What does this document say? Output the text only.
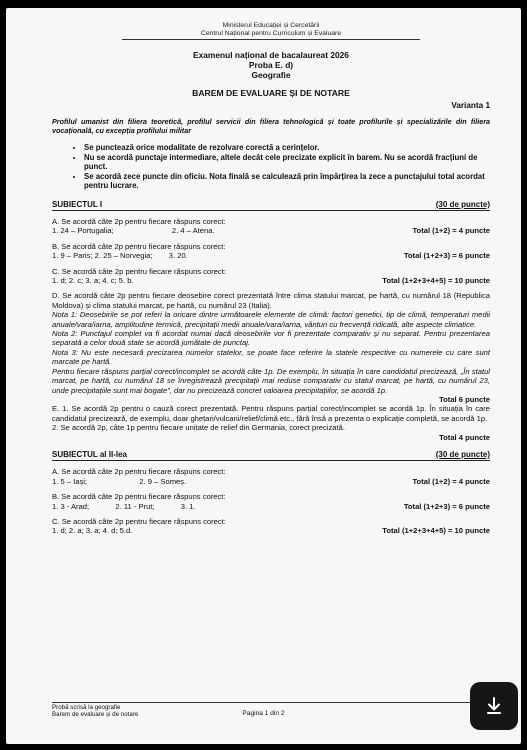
Ministerul Educației și Cercetării
Centrul Național pentru Curriculum și Evaluare
Examenul național de bacalaureat 2026
Proba E. d)
Geografie
BAREM DE EVALUARE ȘI DE NOTARE
Varianta 1
Profilul umanist din filiera teoretică, profilul servicii din filiera tehnologică și toate profilurile și specializările din filiera vocațională, cu excepția profilului militar
• Se punctează orice modalitate de rezolvare corectă a cerințelor.
• Nu se acordă punctaje intermediare, altele decât cele precizate explicit în barem. Nu se acordă fracțiuni de punct.
• Se acordă zece puncte din oficiu. Nota finală se calculează prin împărțirea la zece a punctajului total acordat pentru lucrare.
SUBIECTUL I	(30 de puncte)
A. Se acordă câte 2p pentru fiecare răspuns corect:
1. 24 – Portugalia;	2. 4 – Atena.	Total (1+2) = 4 puncte
B. Se acordă câte 2p pentru fiecare răspuns corect:
1. 9 – Paris; 2. 25 – Norvegia; 3. 20.	Total (1+2+3) = 6 puncte
C. Se acordă câte 2p pentru fiecare răspuns corect:
1. d; 2. c; 3. a; 4. c; 5. b.	Total (1+2+3+4+5) = 10 puncte
D. Se acordă câte 2p pentru fiecare deosebire corect prezentată între clima statului marcat, pe hartă, cu numărul 18 (Republica Moldova) și clima statului marcat, pe hartă, cu numărul 23 (Italia).
Nota 1: Deosebirile se pot referi la oricare dintre următoarele elemente de climă: factori genetici, tip de climă, temperaturi medii anuale/vara/iarna, amplitudine termică, precipitații medii anuale/vara/iarna, vânturi cu frecvență ridicată, alte aspecte climatice.
Nota 2: Punctajul complet va fi acordat numai dacă deosebirile vor fi prezentate comparativ și nu separat. Pentru prezentarea separată a celor două state se acordă jumătate de punctaj.
Nota 3: Nu este necesară precizarea numelor statelor, se poate face referire la statele respective cu numerele cu care sunt marcate pe hartă.
Pentru fiecare răspuns parțial corect/incomplet se acordă câte 1p. De exemplu, în situația în care candidatul precizează, „În statul marcat, pe hartă, cu numărul 18 se înregistrează precipitații mai reduse comparativ cu statul marcat, pe hartă, cu numărul 23, unde precipitațiile sunt mai bogate”, dar nu precizează concret valoarea precipitațiilor, se acordă 1p.
Total 6 puncte
E. 1. Se acordă 2p pentru o cauză corect prezentată. Pentru răspuns parțial corect/incomplet se acordă 1p. În situația în care candidatul precizează, de exemplu, doar ghețari/vulcani/relief/climă etc., fără însă a prezenta o explicație completă, se acordă 1p.
2. Se acordă 2p, câte 1p pentru fiecare unitate de relief din Germania, corect precizată.
Total 4 puncte
SUBIECTUL al II-lea	(30 de puncte)
A. Se acordă câte 2p pentru fiecare răspuns corect:
1. 5 – Iași;	2. 9 – Someș.	Total (1+2) = 4 puncte
B. Se acordă câte 2p pentru fiecare răspuns corect:
1. 3 - Arad;	2. 11 - Prut;	3. 1.	Total (1+2+3) = 6 puncte
C. Se acordă câte 2p pentru fiecare răspuns corect:
1. d; 2. a; 3. a; 4. d; 5.d.	Total (1+2+3+4+5) = 10 puncte
Probă scrisă la geografie
Barem de evaluare și de notare	Pagina 1 din 2
